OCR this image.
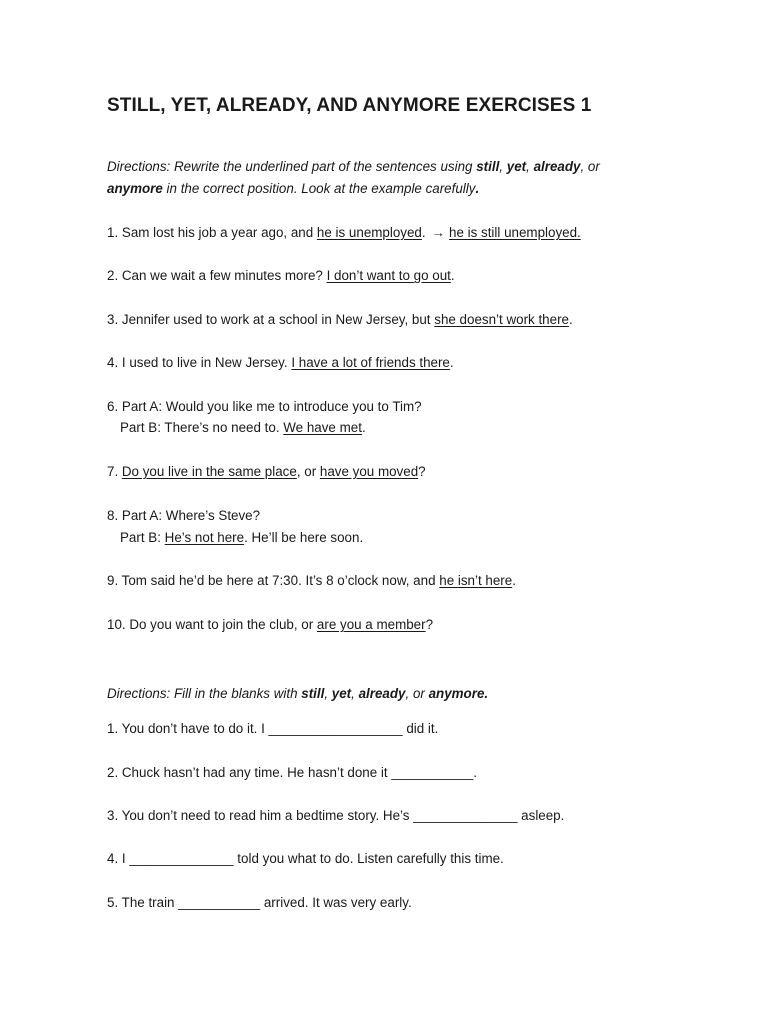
STILL, YET, ALREADY, AND ANYMORE EXERCISES 1
Directions: Rewrite the underlined part of the sentences using still, yet, already, or
anymore in the correct position. Look at the example carefully.
1. Sam lost his job a year ago, and he is unemployed. → he is still unemployed.
2. Can we wait a few minutes more? I don’t want to go out.
3. Jennifer used to work at a school in New Jersey, but she doesn’t work there.
4. I used to live in New Jersey. I have a lot of friends there.
6. Part A: Would you like me to introduce you to Tim?
Part B: There’s no need to. We have met.
7. Do you live in the same place, or have you moved?
8. Part A: Where’s Steve?
Part B: He’s not here. He’ll be here soon.
9. Tom said he’d be here at 7:30. It’s 8 o’clock now, and he isn’t here.
10. Do you want to join the club, or are you a member?
Directions: Fill in the blanks with still, yet, already, or anymore.
1. You don’t have to do it. I __________________ did it.
2. Chuck hasn’t had any time. He hasn’t done it ___________.
3. You don’t need to read him a bedtime story. He’s ______________ asleep.
4. I ______________ told you what to do. Listen carefully this time.
5. The train ___________ arrived. It was very early.
